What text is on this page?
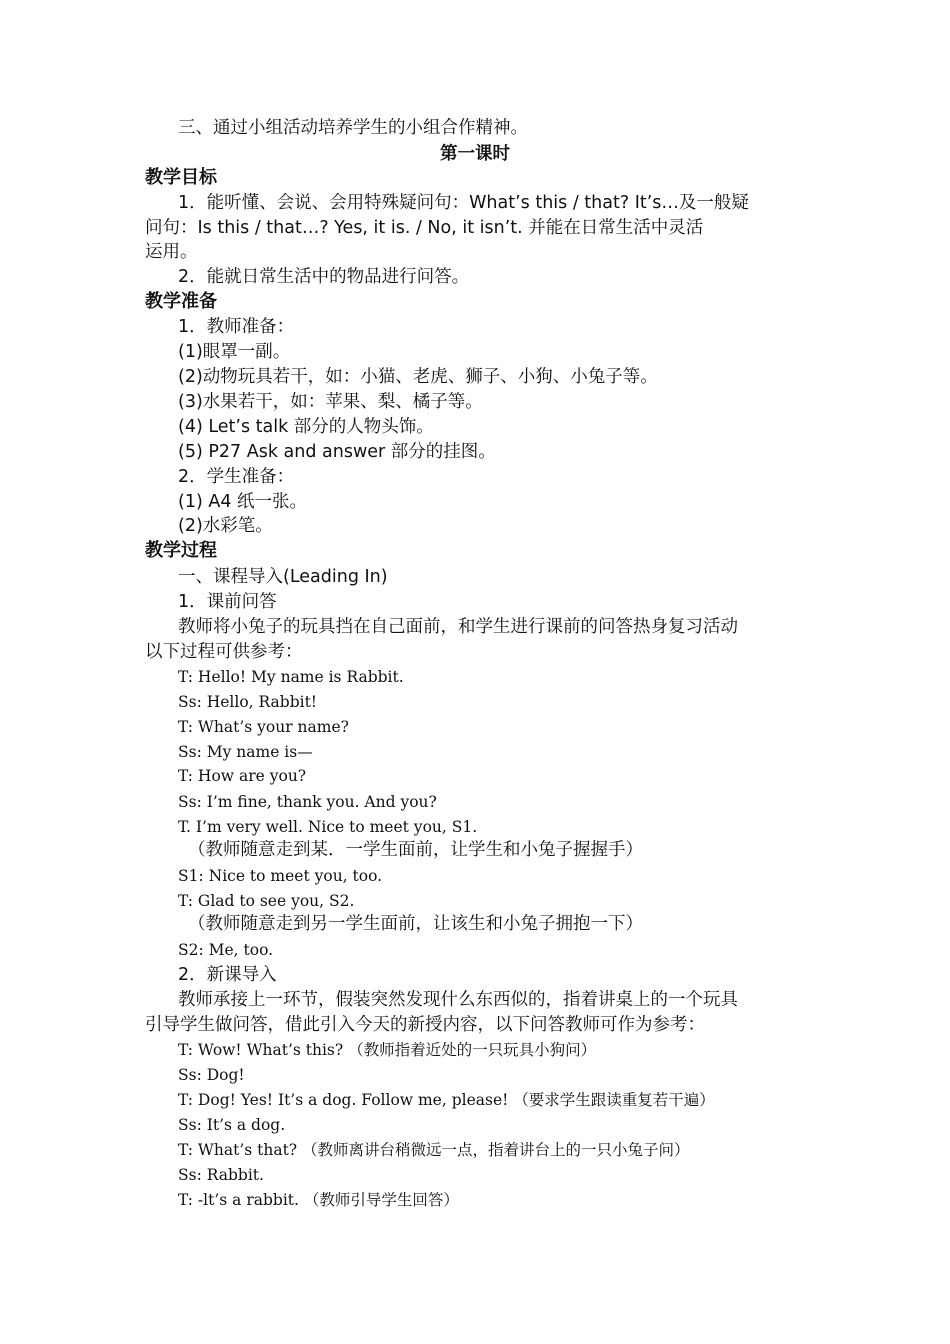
三、通过小组活动培养学生的小组合作精神。
第一课时
教学目标
1．能听懂、会说、会用特殊疑问句：What’s this / that? It’s…及一般疑
问句：Is this / that…? Yes, it is. / No, it isn’t. 并能在日常生活中灵活
运用。
2．能就日常生活中的物品进行问答。
教学准备
1．教师准备：
(1)眼罩一副。
(2)动物玩具若干，如：小猫、老虎、狮子、小狗、小兔子等。
(3)水果若干，如：苹果、梨、橘子等。
(4) Let’s talk 部分的人物头饰。
(5) P27 Ask and answer 部分的挂图。
2．学生准备：
(1) A4 纸一张。
(2)水彩笔。
教学过程
一、课程导入(Leading In)
1．课前问答
教师将小兔子的玩具挡在自己面前，和学生进行课前的问答热身复习活动
以下过程可供参考：
T: Hello! My name is Rabbit.
Ss: Hello, Rabbit!
T: What’s your name?
Ss: My name is—
T: How are you?
Ss: I’m fine, thank you. And you?
T. I’m very well. Nice to meet you, S1.
（教师随意走到某．一学生面前，让学生和小兔子握握手）
S1: Nice to meet you, too.
T: Glad to see you, S2.
（教师随意走到另一学生面前，让该生和小兔子拥抱一下）
S2: Me, too.
2．新课导入
教师承接上一环节，假装突然发现什么东西似的，指着讲桌上的一个玩具
引导学生做问答，借此引入今天的新授内容，以下问答教师可作为参考：
T: Wow! What’s this? （教师指着近处的一只玩具小狗问）
Ss: Dog!
T: Dog! Yes! It’s a dog. Follow me, please! （要求学生跟读重复若干遍）
Ss: It’s a dog.
T: What’s that? （教师离讲台稍微远一点，指着讲台上的一只小兔子问）
Ss: Rabbit.
T: -lt’s a rabbit. （教师引导学生回答）
